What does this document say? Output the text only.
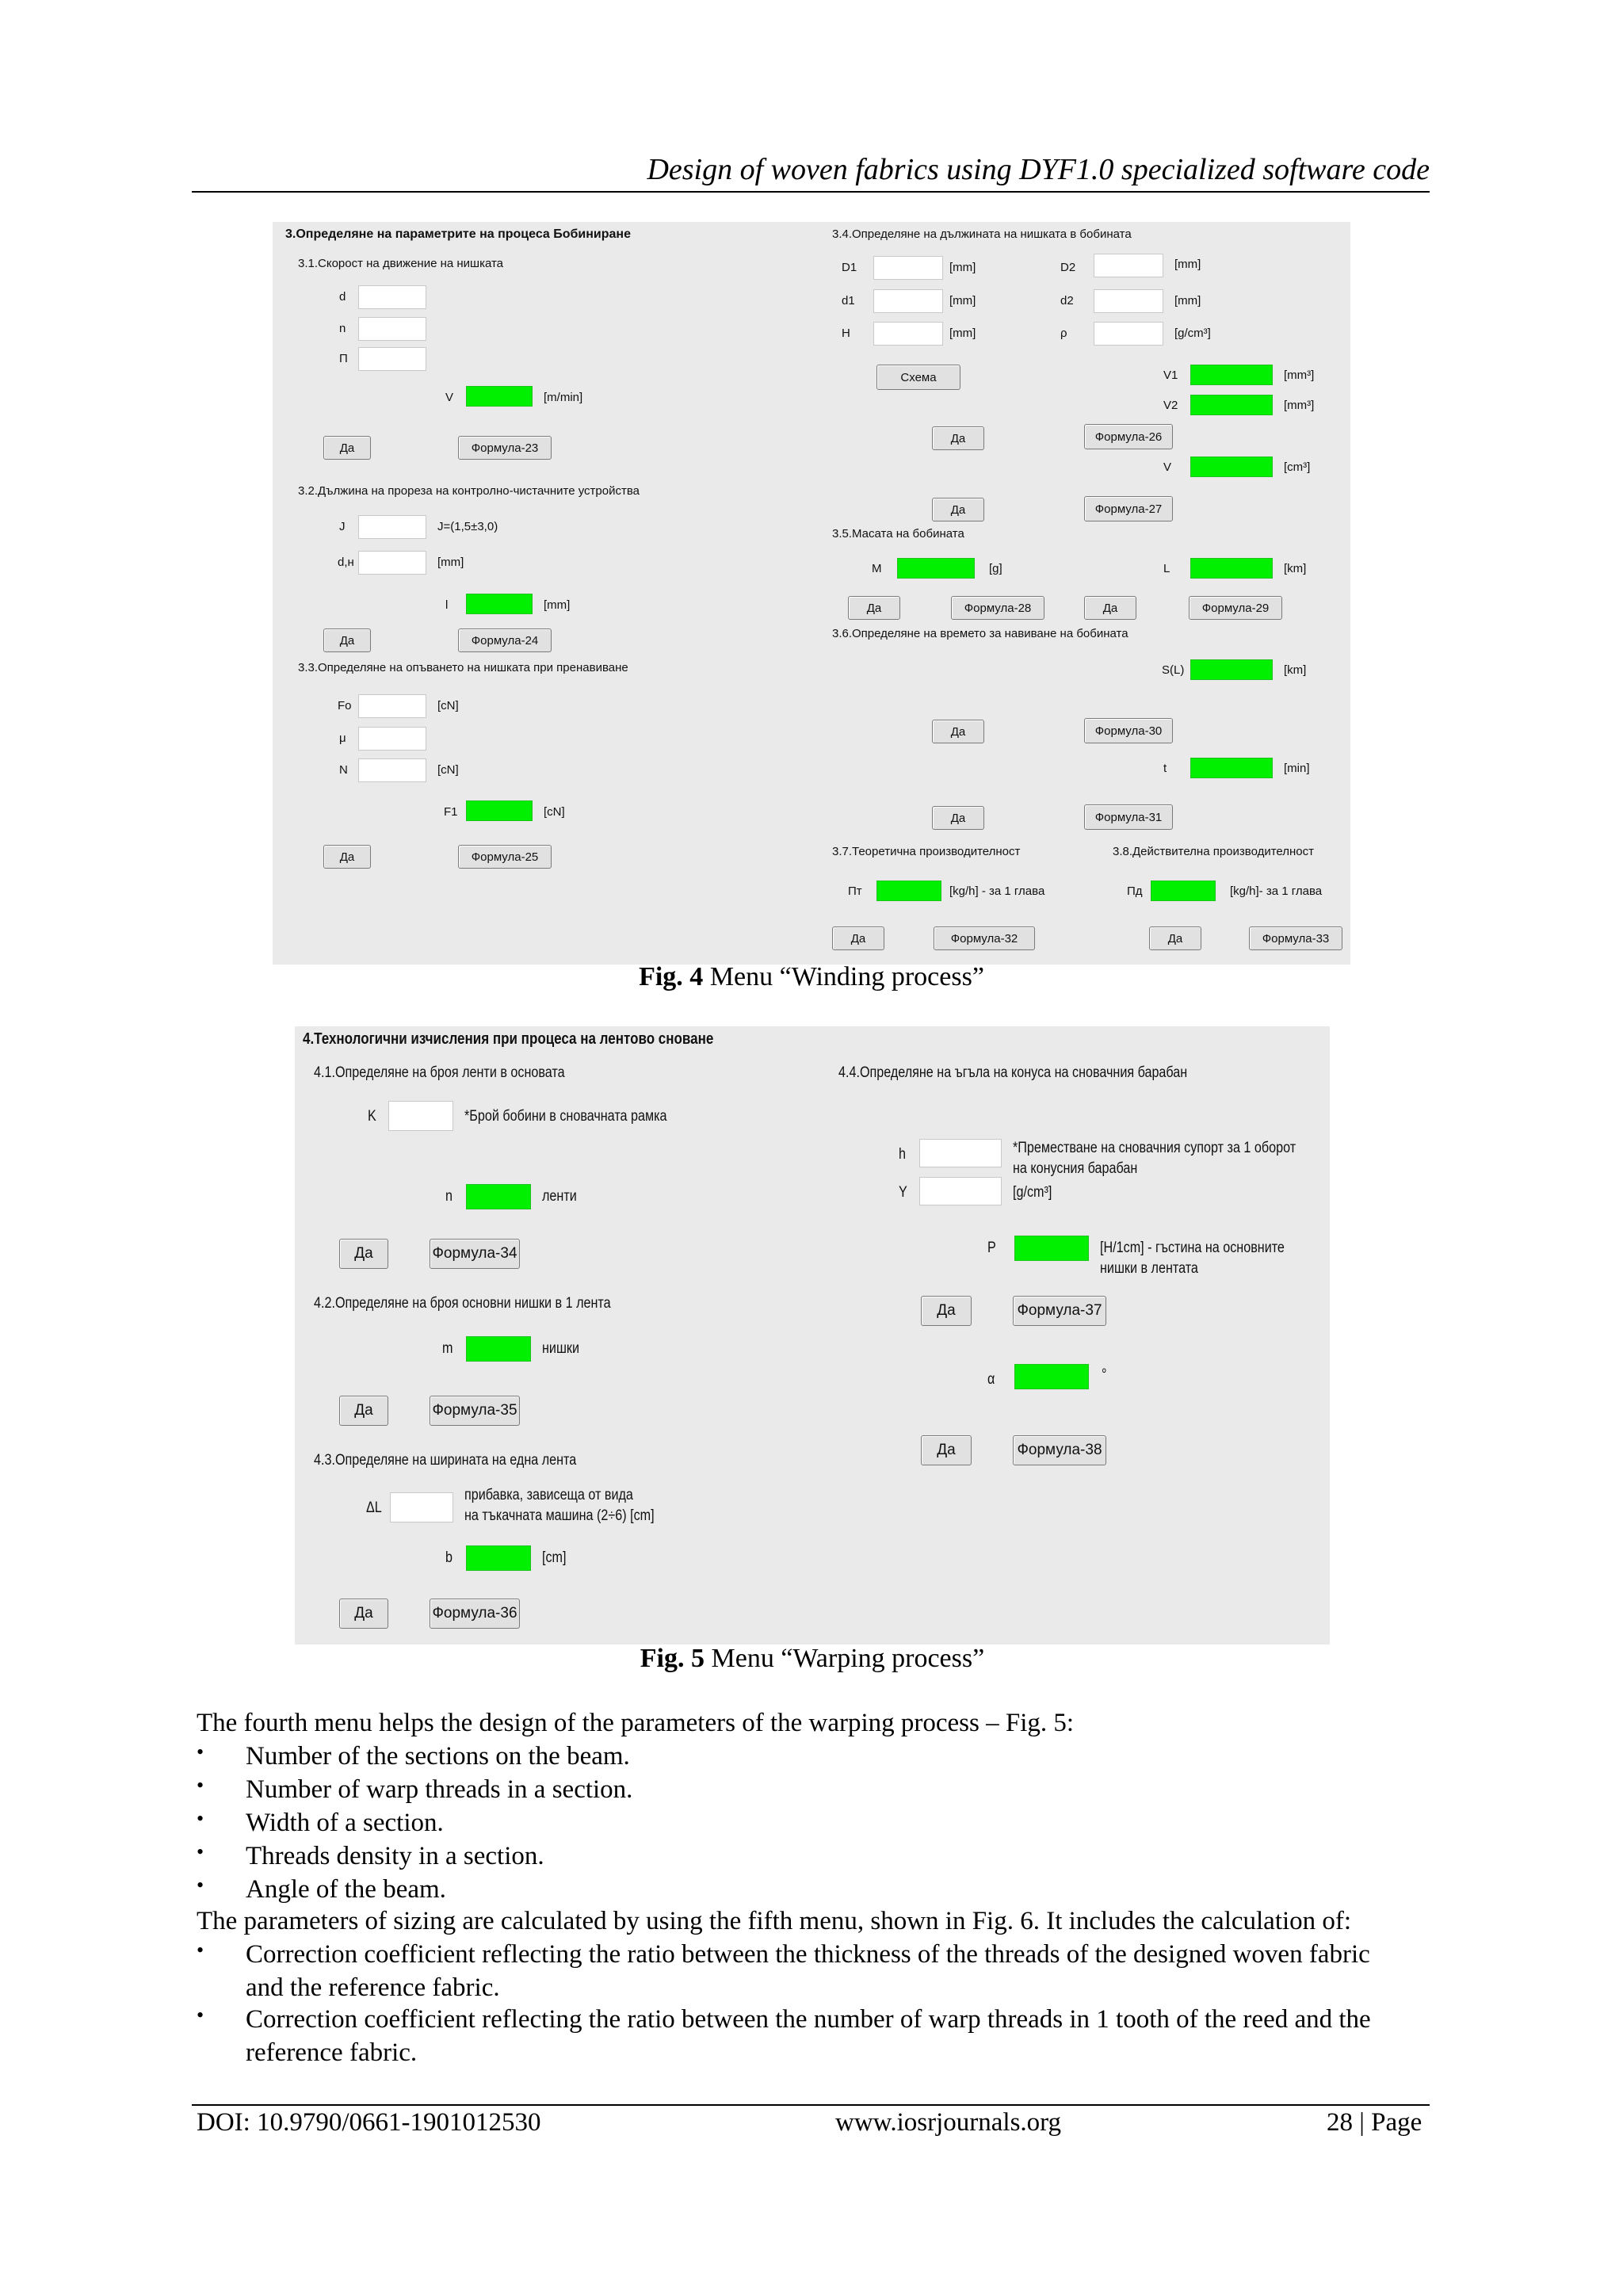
Design of woven fabrics using DYF1.0 specialized software code
3.Определяне на параметрите на процеса Бобиниране
3.1.Скорост на движение на нишката
d
n
П
V	[m/min]
Да	Формула-23
3.2.Дължина на прореза на контролно-чистачните устройства
J	J=(1,5±3,0)
d,н	[mm]
l	[mm]
Да	Формула-24
3.3.Определяне на опъването на нишката при пренавиване
Fo	[cN]
μ
N	[cN]
F1	[cN]
Да	Формула-25
3.4.Определяне на дължината на нишката в бобината
D1	[mm]	D2	[mm]
d1	[mm]	d2	[mm]
H	[mm]	ρ	[g/cm³]
Схема	V1	[mm³]
V2	[mm³]
Да	Формула-26
V	[cm³]
Да	Формула-27
3.5.Масата на бобината
M	[g]	L	[km]
Да	Формула-28	Да	Формула-29
3.6.Определяне на времето за навиване на бобината
S(L)	[km]
Да	Формула-30
t	[min]
Да	Формула-31
3.7.Теоретична производителност	3.8.Действителна производителност
Пт	[kg/h] - за 1 глава	Пд	[kg/h]- за 1 глава
Да	Формула-32	Да	Формула-33
Fig. 4 Menu “Winding process”
4.Технологични изчисления при процеса на лентово сноване
4.1.Определяне на броя ленти в основата
K	*Брой бобини в сновачната рамка
n	ленти
Да	Формула-34
4.2.Определяне на броя основни нишки в 1 лента
m	нишки
Да	Формула-35
4.3.Определяне на ширината на една лента
ΔL
прибавка, зависеща от вида
на тъкачната машина (2÷6) [cm]
b	[cm]
Да	Формула-36
4.4.Определяне на ъгъла на конуса на сновачния барабан
h	*Преместване на сновачния супорт за 1 оборот
на конусния барабан
Y	[g/cm³]
P	[H/1cm] - гъстина на основните
нишки в лентата
Да	Формула-37
α	°
Да	Формула-38
Fig. 5 Menu “Warping process”
The fourth menu helps the design of the parameters of the warping process – Fig. 5:
• Number of the sections on the beam.
• Number of warp threads in a section.
• Width of a section.
• Threads density in a section.
• Angle of the beam.
The parameters of sizing are calculated by using the fifth menu, shown in Fig. 6. It includes the calculation of:
• Correction coefficient reflecting the ratio between the thickness of the threads of the designed woven fabric
and the reference fabric.
• Correction coefficient reflecting the ratio between the number of warp threads in 1 tooth of the reed and the
reference fabric.
DOI: 10.9790/0661-1901012530	www.iosrjournals.org	28 | Page
